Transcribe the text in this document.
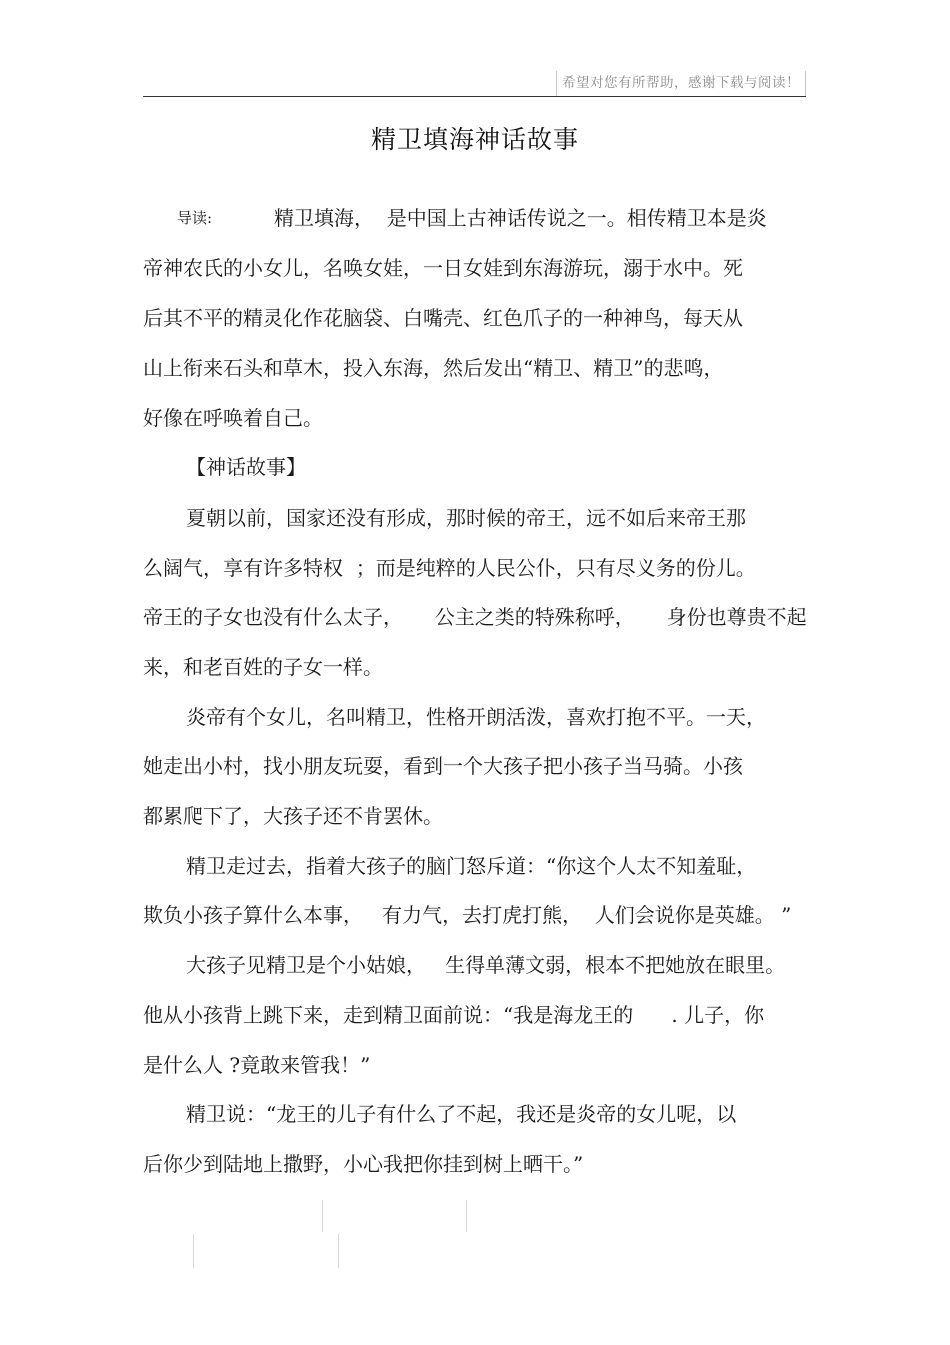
希望对您有所帮助，感谢下载与阅读！
精卫填海神话故事
导读:	精卫填海，  是中国上古神话传说之一。相传精卫本是炎
帝神农氏的小女儿，名唤女娃，一日女娃到东海游玩，溺于水中。死
后其不平的精灵化作花脑袋、白嘴壳、红色爪子的一种神鸟，每天从
山上衔来石头和草木，投入东海，然后发出“精卫、精卫”的悲鸣，
好像在呼唤着自己。
【神话故事】
夏朝以前，国家还没有形成，那时候的帝王，远不如后来帝王那
么阔气，享有许多特权  ；而是纯粹的人民公仆，只有尽义务的份儿。
帝王的子女也没有什么太子，     公主之类的特殊称呼，     身份也尊贵不起
来，和老百姓的子女一样。
炎帝有个女儿，名叫精卫，性格开朗活泼，喜欢打抱不平。一天，
她走出小村，找小朋友玩耍，看到一个大孩子把小孩子当马骑。小孩
都累爬下了，大孩子还不肯罢休。
精卫走过去，指着大孩子的脑门怒斥道：“你这个人太不知羞耻，
欺负小孩子算什么本事，   有力气，去打虎打熊，  人们会说你是英雄。 ”
大孩子见精卫是个小姑娘，   生得单薄文弱，根本不把她放在眼里。
他从小孩背上跳下来，走到精卫面前说：“我是海龙王的      . 儿子，你
是什么人 ?竟敢来管我！”
精卫说：“龙王的儿子有什么了不起，我还是炎帝的女儿呢，以
后你少到陆地上撒野，小心我把你挂到树上晒干。”
